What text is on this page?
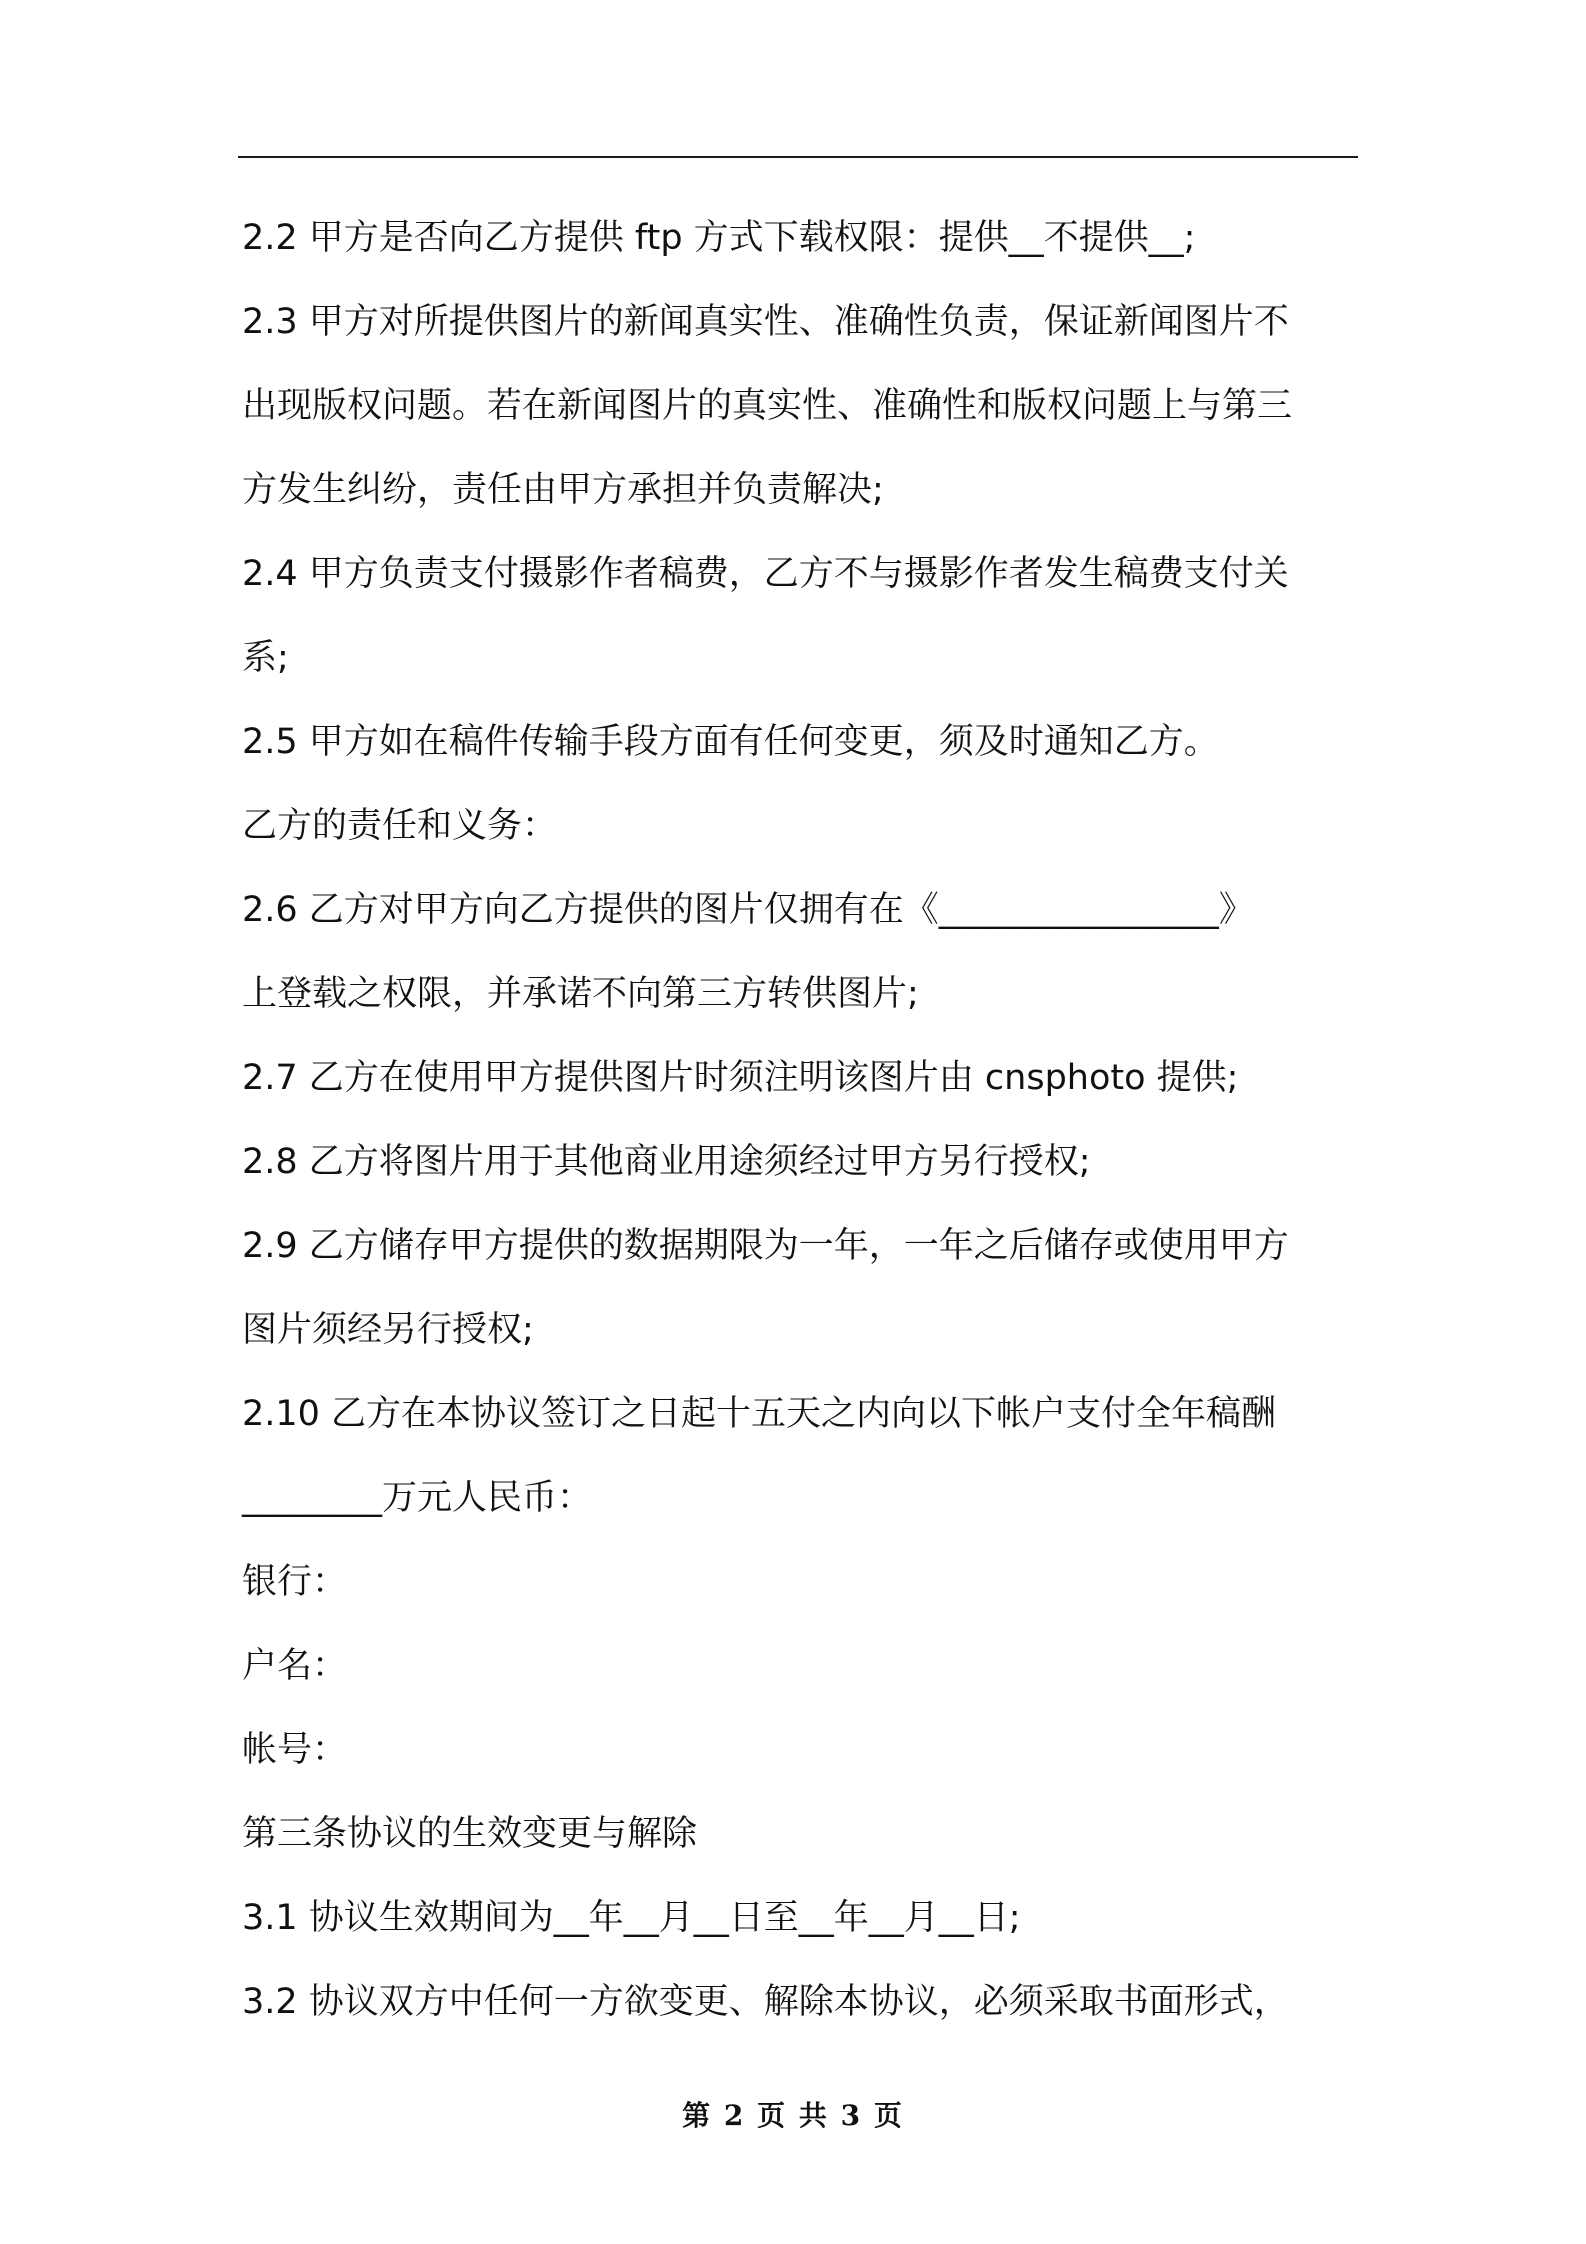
2.2 甲方是否向乙方提供 ftp 方式下载权限：提供__不提供__;
2.3 甲方对所提供图片的新闻真实性、准确性负责，保证新闻图片不
出现版权问题。若在新闻图片的真实性、准确性和版权问题上与第三
方发生纠纷，责任由甲方承担并负责解决;
2.4 甲方负责支付摄影作者稿费，乙方不与摄影作者发生稿费支付关
系;
2.5 甲方如在稿件传输手段方面有任何变更，须及时通知乙方。
乙方的责任和义务：
2.6 乙方对甲方向乙方提供的图片仅拥有在《________________》
上登载之权限，并承诺不向第三方转供图片;
2.7 乙方在使用甲方提供图片时须注明该图片由 cnsphoto 提供;
2.8 乙方将图片用于其他商业用途须经过甲方另行授权;
2.9 乙方储存甲方提供的数据期限为一年，一年之后储存或使用甲方
图片须经另行授权;
2.10 乙方在本协议签订之日起十五天之内向以下帐户支付全年稿酬
________万元人民币：
银行：
户名：
帐号：
第三条协议的生效变更与解除
3.1 协议生效期间为__年__月__日至__年__月__日;
3.2 协议双方中任何一方欲变更、解除本协议，必须采取书面形式，
第 2 页 共 3 页
